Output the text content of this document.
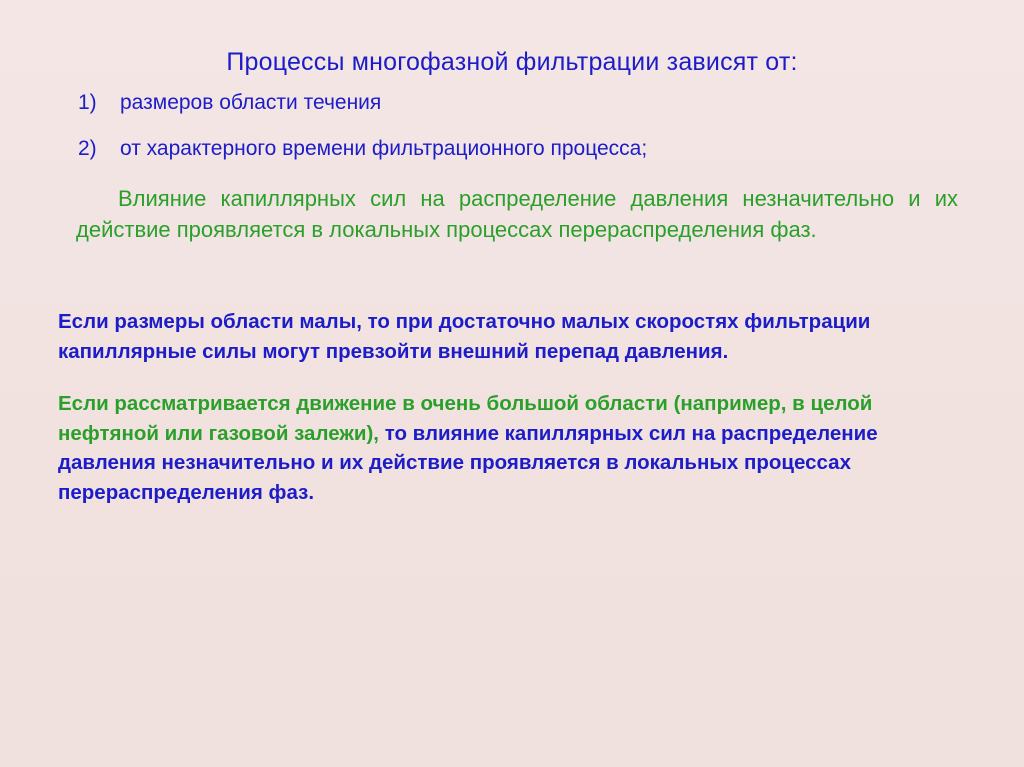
Процессы многофазной фильтрации зависят от:
1)	размеров области течения
2)	от характерного времени фильтрационного процесса;

Влияние капиллярных сил на распределение давления незначительно и их действие проявляется в локальных процессах перераспределения фаз.

Если размеры области малы, то при достаточно малых скоростях фильтрации капиллярные силы могут превзойти внешний перепад давления.

Если рассматривается движение в очень большой области (например, в целой нефтяной или газовой залежи), то влияние капиллярных сил на распределение давления незначительно и их действие проявляется в локальных процессах перераспределения фаз.
